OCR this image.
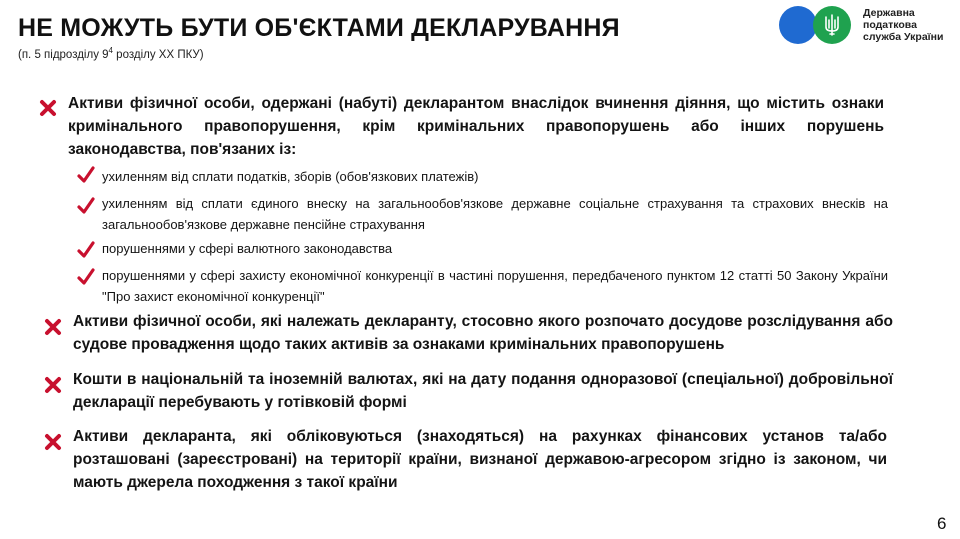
НЕ МОЖУТЬ БУТИ ОБ'ЄКТАМИ ДЕКЛАРУВАННЯ
(п. 5 підрозділу $9^4$ розділу XX ПКУ)
Державна
податкова
служба України
Активи фізичної особи, одержані (набуті) декларантом внаслідок вчинення діяння, що містить ознаки кримінального правопорушення, крім кримінальних правопорушень або інших порушень законодавства, пов'язаних із:
ухиленням від сплати податків, зборів (обов'язкових платежів)
ухиленням від сплати єдиного внеску на загальнообов'язкове державне соціальне страхування та страхових внесків на загальнообов'язкове державне пенсійне страхування
порушеннями у сфері валютного законодавства
порушеннями у сфері захисту економічної конкуренції в частині порушення, передбаченого пунктом 12 статті 50 Закону України "Про захист економічної конкуренції"
Активи фізичної особи, які належать декларанту, стосовно якого розпочато досудове розслідування або судове провадження щодо таких активів за ознаками кримінальних правопорушень
Кошти в національній та іноземній валютах, які на дату подання одноразової (спеціальної) добровільної декларації перебувають у готівковій формі
Активи декларанта, які обліковуються (знаходяться) на рахунках фінансових установ та/або розташовані (зареєстровані) на території країни, визнаної державою-агресором згідно із законом, чи мають джерела походження з такої країни
6
